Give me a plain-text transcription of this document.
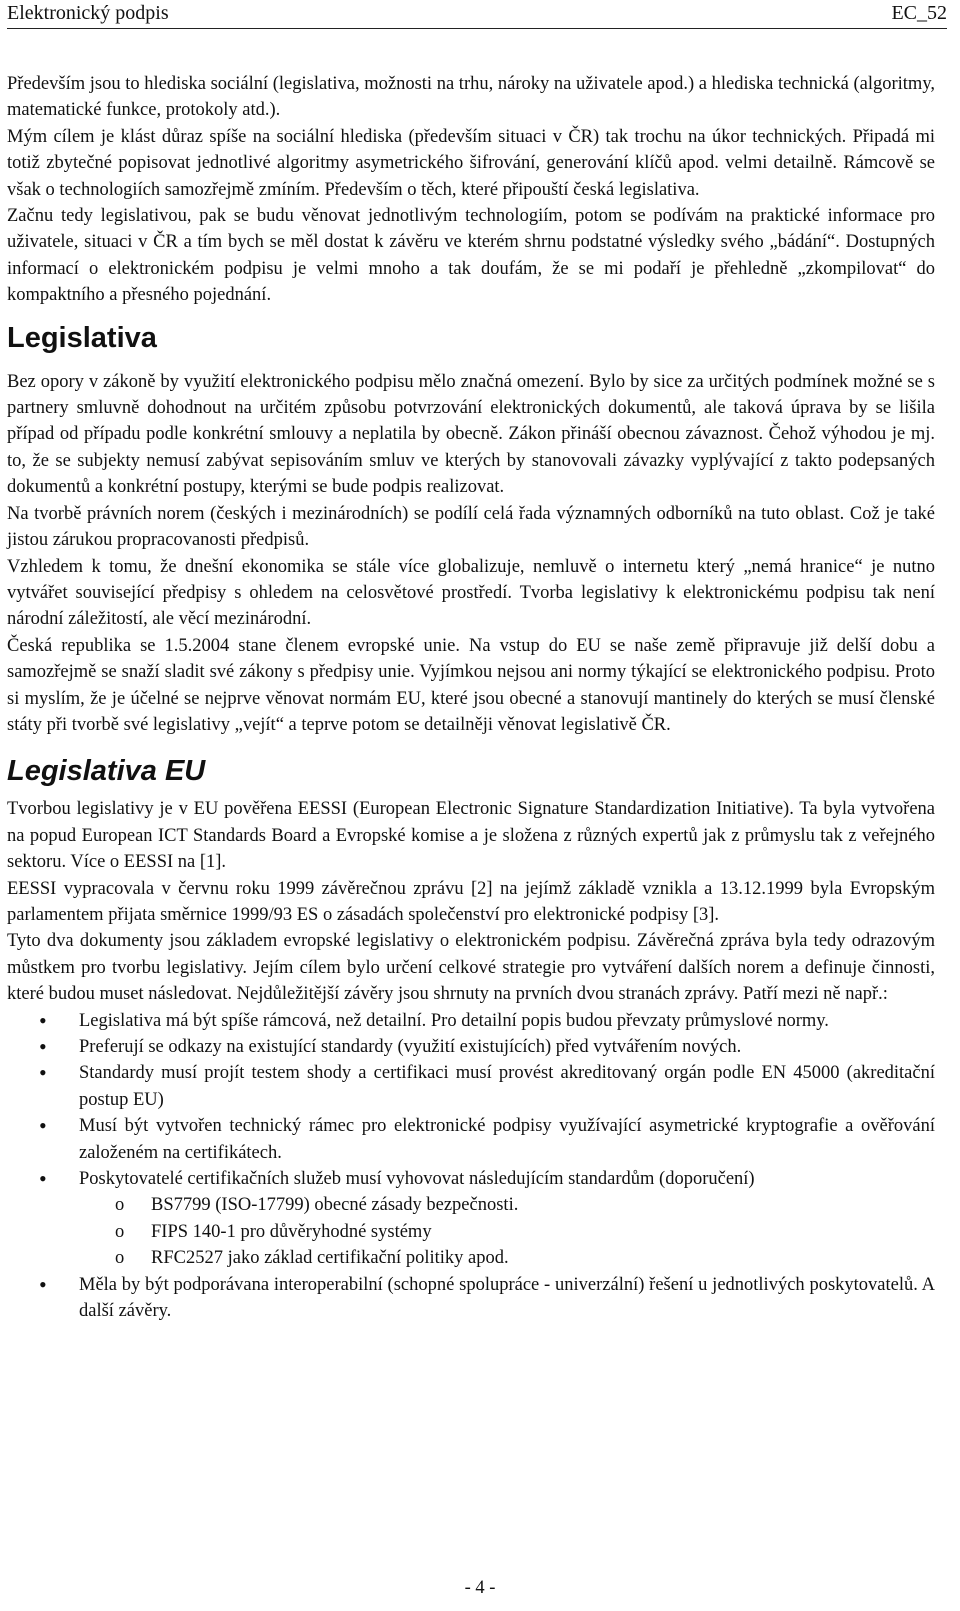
Elektronický podpis	EC_52

Především jsou to hlediska sociální (legislativa, možnosti na trhu, nároky na uživatele apod.) a hlediska technická (algoritmy, matematické funkce, protokoly atd.).

Mým cílem je klást důraz spíše na sociální hlediska (především situaci v ČR) tak trochu na úkor technických. Připadá mi totiž zbytečné popisovat jednotlivé algoritmy asymetrického šifrování, generování klíčů apod. velmi detailně. Rámcově se však o technologiích samozřejmě zmíním. Především o těch, které připouští česká legislativa.

Začnu tedy legislativou, pak se budu věnovat jednotlivým technologiím, potom se podívám na praktické informace pro uživatele, situaci v ČR a tím bych se měl dostat k závěru ve kterém shrnu podstatné výsledky svého „bádání“. Dostupných informací o elektronickém podpisu je velmi mnoho a tak doufám, že se mi podaří je přehledně „zkompilovat“ do kompaktního a přesného pojednání.

Legislativa

Bez opory v zákoně by využití elektronického podpisu mělo značná omezení. Bylo by sice za určitých podmínek možné se s partnery smluvně dohodnout na určitém způsobu potvrzování elektronických dokumentů, ale taková úprava by se lišila případ od případu podle konkrétní smlouvy a neplatila by obecně. Zákon přináší obecnou závaznost. Čehož výhodou je mj. to, že se subjekty nemusí zabývat sepisováním smluv ve kterých by stanovovali závazky vyplývající z takto podepsaných dokumentů a konkrétní postupy, kterými se bude podpis realizovat.

Na tvorbě právních norem (českých i mezinárodních) se podílí celá řada významných odborníků na tuto oblast. Což je také jistou zárukou propracovanosti předpisů.

Vzhledem k tomu, že dnešní ekonomika se stále více globalizuje, nemluvě o internetu který „nemá hranice“ je nutno vytvářet související předpisy s ohledem na celosvětové prostředí. Tvorba legislativy k elektronickému podpisu tak není národní záležitostí, ale věcí mezinárodní.

Česká republika se 1.5.2004 stane členem evropské unie. Na vstup do EU se naše země připravuje již delší dobu a samozřejmě se snaží sladit své zákony s předpisy unie. Vyjímkou nejsou ani normy týkající se elektronického podpisu. Proto si myslím, že je účelné se nejprve věnovat normám EU, které jsou obecné a stanovují mantinely do kterých se musí členské státy při tvorbě své legislativy „vejít“ a teprve potom se detailněji věnovat legislativě ČR.

Legislativa EU

Tvorbou legislativy je v EU pověřena EESSI (European Electronic Signature Standardization Initiative). Ta byla vytvořena na popud European ICT Standards Board a Evropské komise a je složena z různých expertů jak z průmyslu tak z veřejného sektoru. Více o EESSI na [1].

EESSI vypracovala v červnu roku 1999 závěrečnou zprávu [2] na jejímž základě vznikla a 13.12.1999 byla Evropským parlamentem přijata směrnice 1999/93 ES o zásadách společenství pro elektronické podpisy [3].

Tyto dva dokumenty jsou základem evropské legislativy o elektronickém podpisu. Závěrečná zpráva byla tedy odrazovým můstkem pro tvorbu legislativy. Jejím cílem bylo určení celkové strategie pro vytváření dalších norem a definuje činnosti, které budou muset následovat. Nejdůležitější závěry jsou shrnuty na prvních dvou stranách zprávy. Patří mezi ně např.:

• Legislativa má být spíše rámcová, než detailní. Pro detailní popis budou převzaty průmyslové normy.
• Preferují se odkazy na existující standardy (využití existujících) před vytvářením nových.
• Standardy musí projít testem shody a certifikaci musí provést akreditovaný orgán podle EN 45000 (akreditační postup EU)
• Musí být vytvořen technický rámec pro elektronické podpisy využívající asymetrické kryptografie a ověřování založeném na certifikátech.
• Poskytovatelé certifikačních služeb musí vyhovovat následujícím standardům (doporučení)
o BS7799 (ISO-17799) obecné zásady bezpečnosti.
o FIPS 140-1 pro důvěryhodné systémy
o RFC2527 jako základ certifikační politiky apod.
• Měla by být podporávana interoperabilní (schopné spolupráce - univerzální) řešení u jednotlivých poskytovatelů. A další závěry.
- 4 -
